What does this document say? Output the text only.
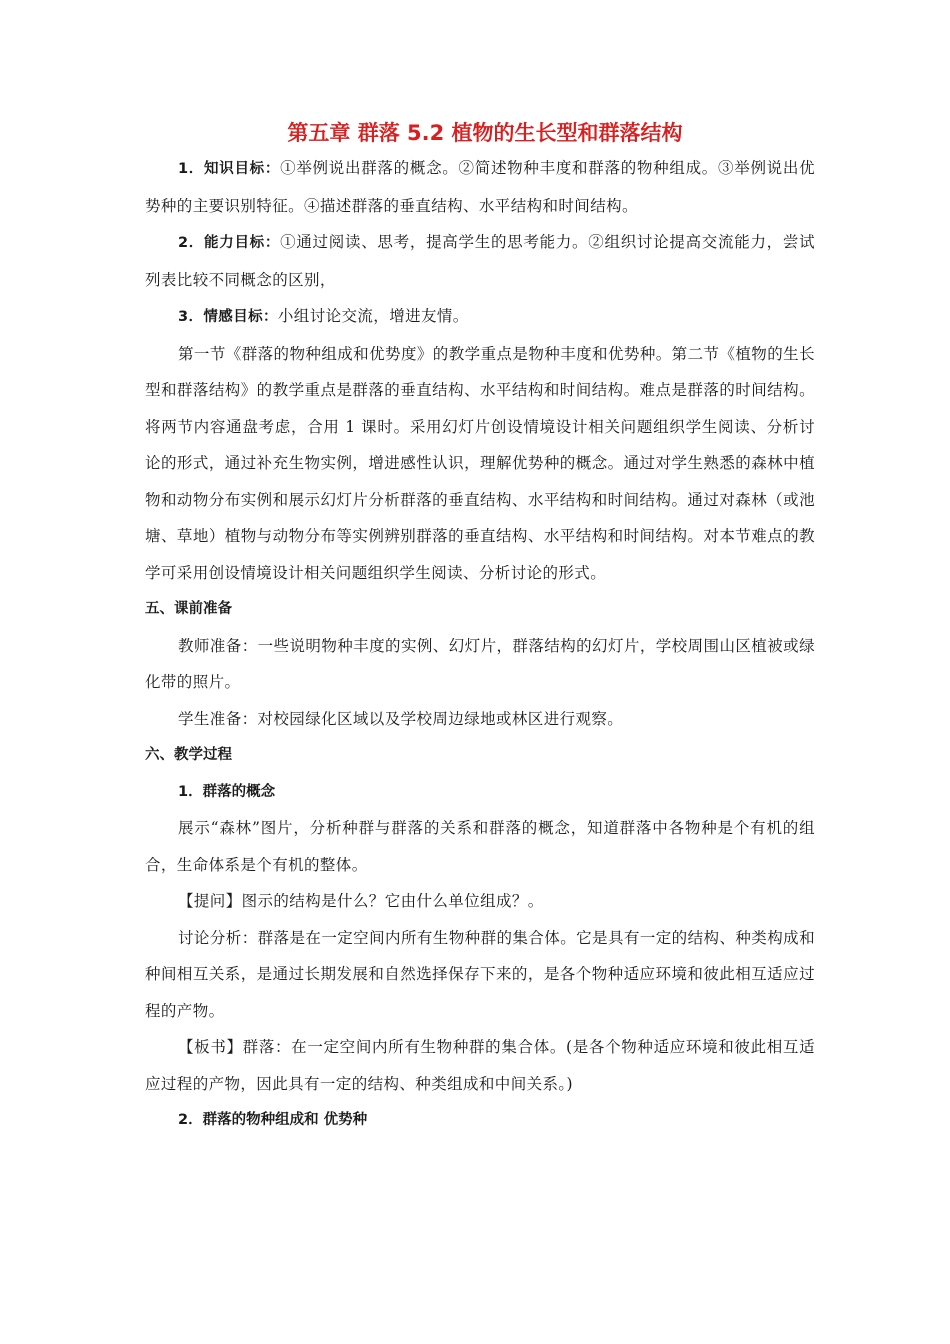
第五章 群落 5.2 植物的生长型和群落结构

1．知识目标：①举例说出群落的概念。②简述物种丰度和群落的物种组成。③举例说出优势种的主要识别特征。④描述群落的垂直结构、水平结构和时间结构。

2．能力目标：①通过阅读、思考，提高学生的思考能力。②组织讨论提高交流能力，尝试列表比较不同概念的区别，

3．情感目标：小组讨论交流，增进友情。

第一节《群落的物种组成和优势度》的教学重点是物种丰度和优势种。第二节《植物的生长型和群落结构》的教学重点是群落的垂直结构、水平结构和时间结构。难点是群落的时间结构。将两节内容通盘考虑，合用 1 课时。采用幻灯片创设情境设计相关问题组织学生阅读、分析讨论的形式，通过补充生物实例，增进感性认识，理解优势种的概念。通过对学生熟悉的森林中植物和动物分布实例和展示幻灯片分析群落的垂直结构、水平结构和时间结构。通过对森林（或池塘、草地）植物与动物分布等实例辨别群落的垂直结构、水平结构和时间结构。对本节难点的教学可采用创设情境设计相关问题组织学生阅读、分析讨论的形式。

五、课前准备

教师准备：一些说明物种丰度的实例、幻灯片，群落结构的幻灯片，学校周围山区植被或绿化带的照片。

学生准备：对校园绿化区域以及学校周边绿地或林区进行观察。

六、教学过程

1．群落的概念

展示“森林”图片，分析种群与群落的关系和群落的概念，知道群落中各物种是个有机的组合，生命体系是个有机的整体。

【提问】图示的结构是什么？它由什么单位组成？。

讨论分析：群落是在一定空间内所有生物种群的集合体。它是具有一定的结构、种类构成和种间相互关系，是通过长期发展和自然选择保存下来的，是各个物种适应环境和彼此相互适应过程的产物。

【板书】群落：在一定空间内所有生物种群的集合体。(是各个物种适应环境和彼此相互适应过程的产物，因此具有一定的结构、种类组成和中间关系。)

2．群落的物种组成和 优势种
